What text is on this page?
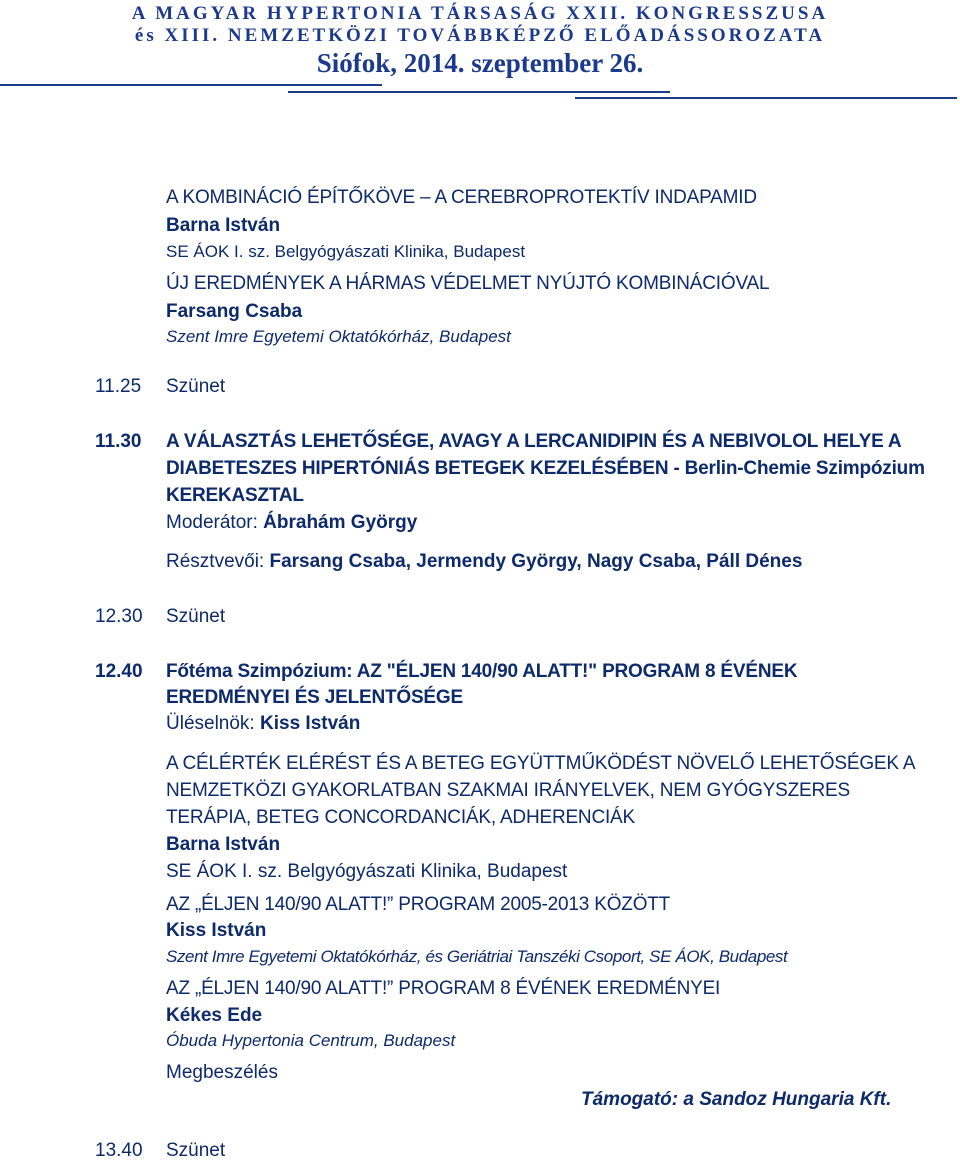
A MAGYAR HYPERTONIA TÁRSASÁG XXII. KONGRESSZUSA
és XIII. NEMZETKÖZI TOVÁBBKÉPZŐ ELŐADÁSSOROZATA
Siófok, 2014. szeptember 26.
A KOMBINÁCIÓ ÉPÍTŐKÖVE – A CEREBROPROTEKTÍV INDAPAMID
Barna István
SE ÁOK I. sz. Belgyógyászati Klinika, Budapest
ÚJ EREDMÉNYEK A HÁRMAS VÉDELMET NYÚJTÓ KOMBINÁCIÓVAL
Farsang Csaba
Szent Imre Egyetemi Oktatókórház, Budapest
11.25 Szünet
11.30 A VÁLASZTÁS LEHETŐSÉGE, AVAGY A LERCANIDIPIN ÉS A NEBIVOLOL HELYE A
DIABETESZES HIPERTÓNIÁS BETEGEK KEZELÉSÉBEN - Berlin-Chemie Szimpózium
KEREKASZTAL
Moderátor: Ábrahám György
Résztvevői: Farsang Csaba, Jermendy György, Nagy Csaba, Páll Dénes
12.30 Szünet
12.40 Főtéma Szimpózium: AZ "ÉLJEN 140/90 ALATT!" PROGRAM 8 ÉVÉNEK
EREDMÉNYEI ÉS JELENTŐSÉGE
Üléselnök: Kiss István
A CÉLÉRTÉK ELÉRÉST ÉS A BETEG EGYÜTTMŰKÖDÉST NÖVELŐ LEHETŐSÉGEK A
NEMZETKÖZI GYAKORLATBAN SZAKMAI IRÁNYELVEK, NEM GYÓGYSZERES
TERÁPIA, BETEG CONCORDANCIÁK, ADHERENCIÁK
Barna István
SE ÁOK I. sz. Belgyógyászati Klinika, Budapest
AZ „ÉLJEN 140/90 ALATT!” PROGRAM 2005-2013 KÖZÖTT
Kiss István
Szent Imre Egyetemi Oktatókórház, és Geriátriai Tanszéki Csoport, SE ÁOK, Budapest
AZ „ÉLJEN 140/90 ALATT!” PROGRAM 8 ÉVÉNEK EREDMÉNYEI
Kékes Ede
Óbuda Hypertonia Centrum, Budapest
Megbeszélés
Támogató: a Sandoz Hungaria Kft.
13.40 Szünet
